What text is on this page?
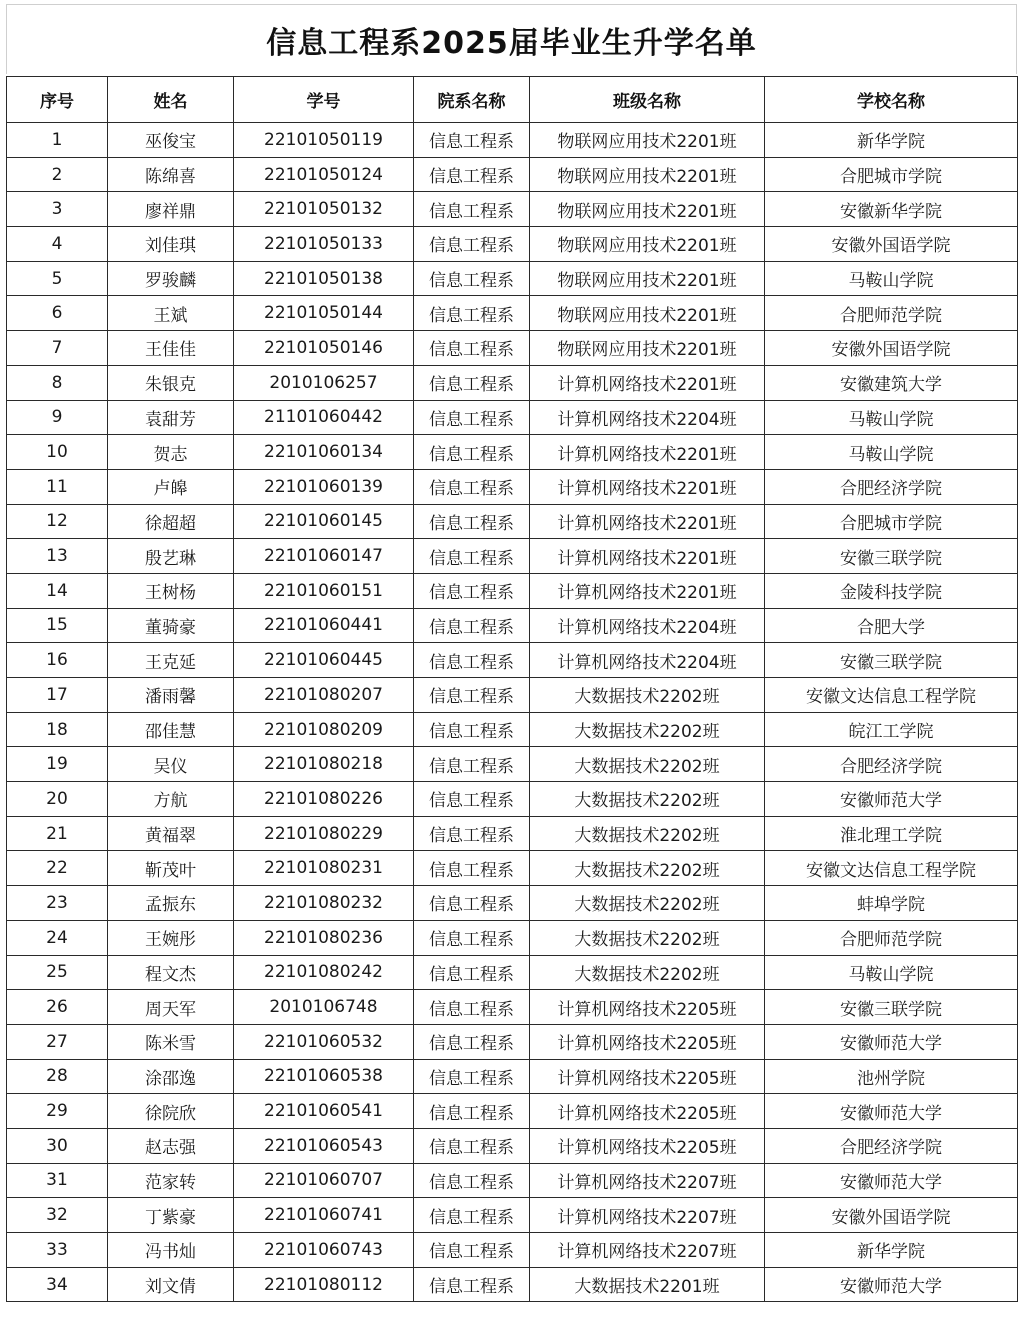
信息工程系2025届毕业生升学名单
序号	姓名	学号	院系名称	班级名称	学校名称
1	巫俊宝	22101050119	信息工程系	物联网应用技术2201班	新华学院
2	陈绵喜	22101050124	信息工程系	物联网应用技术2201班	合肥城市学院
3	廖祥鼎	22101050132	信息工程系	物联网应用技术2201班	安徽新华学院
4	刘佳琪	22101050133	信息工程系	物联网应用技术2201班	安徽外国语学院
5	罗骏麟	22101050138	信息工程系	物联网应用技术2201班	马鞍山学院
6	王斌	22101050144	信息工程系	物联网应用技术2201班	合肥师范学院
7	王佳佳	22101050146	信息工程系	物联网应用技术2201班	安徽外国语学院
8	朱银克	2010106257	信息工程系	计算机网络技术2201班	安徽建筑大学
9	袁甜芳	21101060442	信息工程系	计算机网络技术2204班	马鞍山学院
10	贺志	22101060134	信息工程系	计算机网络技术2201班	马鞍山学院
11	卢皞	22101060139	信息工程系	计算机网络技术2201班	合肥经济学院
12	徐超超	22101060145	信息工程系	计算机网络技术2201班	合肥城市学院
13	殷艺琳	22101060147	信息工程系	计算机网络技术2201班	安徽三联学院
14	王树杨	22101060151	信息工程系	计算机网络技术2201班	金陵科技学院
15	董骑豪	22101060441	信息工程系	计算机网络技术2204班	合肥大学
16	王克延	22101060445	信息工程系	计算机网络技术2204班	安徽三联学院
17	潘雨馨	22101080207	信息工程系	大数据技术2202班	安徽文达信息工程学院
18	邵佳慧	22101080209	信息工程系	大数据技术2202班	皖江工学院
19	吴仪	22101080218	信息工程系	大数据技术2202班	合肥经济学院
20	方航	22101080226	信息工程系	大数据技术2202班	安徽师范大学
21	黄福翠	22101080229	信息工程系	大数据技术2202班	淮北理工学院
22	靳茂叶	22101080231	信息工程系	大数据技术2202班	安徽文达信息工程学院
23	孟振东	22101080232	信息工程系	大数据技术2202班	蚌埠学院
24	王婉彤	22101080236	信息工程系	大数据技术2202班	合肥师范学院
25	程文杰	22101080242	信息工程系	大数据技术2202班	马鞍山学院
26	周天军	2010106748	信息工程系	计算机网络技术2205班	安徽三联学院
27	陈米雪	22101060532	信息工程系	计算机网络技术2205班	安徽师范大学
28	涂邵逸	22101060538	信息工程系	计算机网络技术2205班	池州学院
29	徐院欣	22101060541	信息工程系	计算机网络技术2205班	安徽师范大学
30	赵志强	22101060543	信息工程系	计算机网络技术2205班	合肥经济学院
31	范家转	22101060707	信息工程系	计算机网络技术2207班	安徽师范大学
32	丁紫豪	22101060741	信息工程系	计算机网络技术2207班	安徽外国语学院
33	冯书灿	22101060743	信息工程系	计算机网络技术2207班	新华学院
34	刘文倩	22101080112	信息工程系	大数据技术2201班	安徽师范大学
